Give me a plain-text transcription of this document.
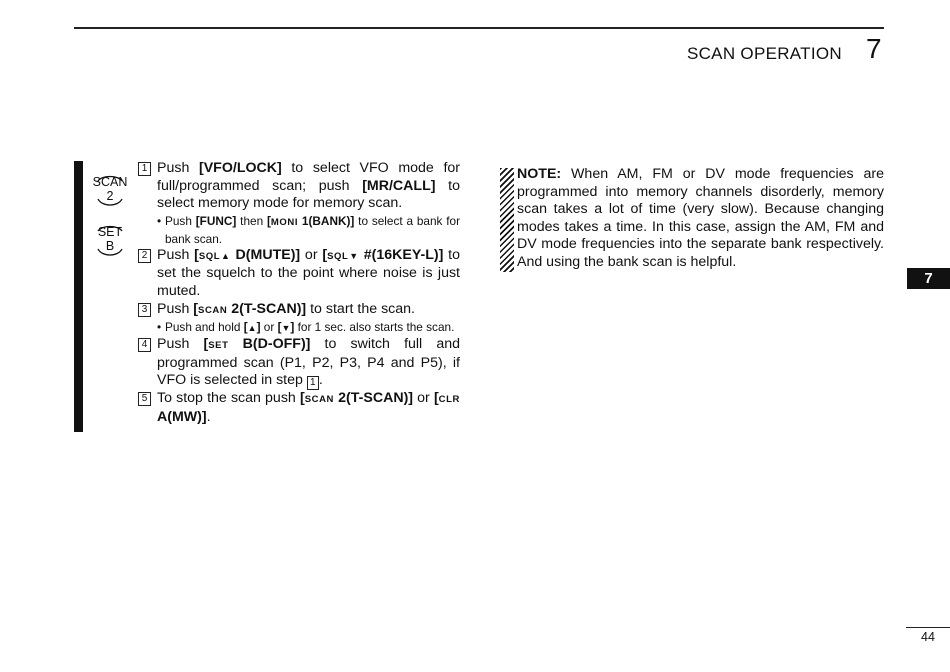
SCAN OPERATION 7
SCAN
2
SET
B
1 Push [VFO/LOCK] to select VFO mode for full/programmed scan; push [MR/CALL] to select memory mode for memory scan.
• Push [FUNC] then [MONI 1(BANK)] to select a bank for bank scan.
2 Push [SQL▲ D(MUTE)] or [SQL▼ #(16KEY-L)] to set the squelch to the point where noise is just muted.
3 Push [SCAN 2(T-SCAN)] to start the scan.
• Push and hold [▲] or [▼] for 1 sec. also starts the scan.
4 Push [SET B(D-OFF)] to switch full and programmed scan (P1, P2, P3, P4 and P5), if VFO is selected in step 1 .
5 To stop the scan push [SCAN 2(T-SCAN)] or [CLR A(MW)].
NOTE: When AM, FM or DV mode frequencies are programmed into memory channels disorderly, memory scan takes a lot of time (very slow). Because changing modes takes a time. In this case, assign the AM, FM and DV mode frequencies into the separate bank respectively. And using the bank scan is helpful.
7
44
